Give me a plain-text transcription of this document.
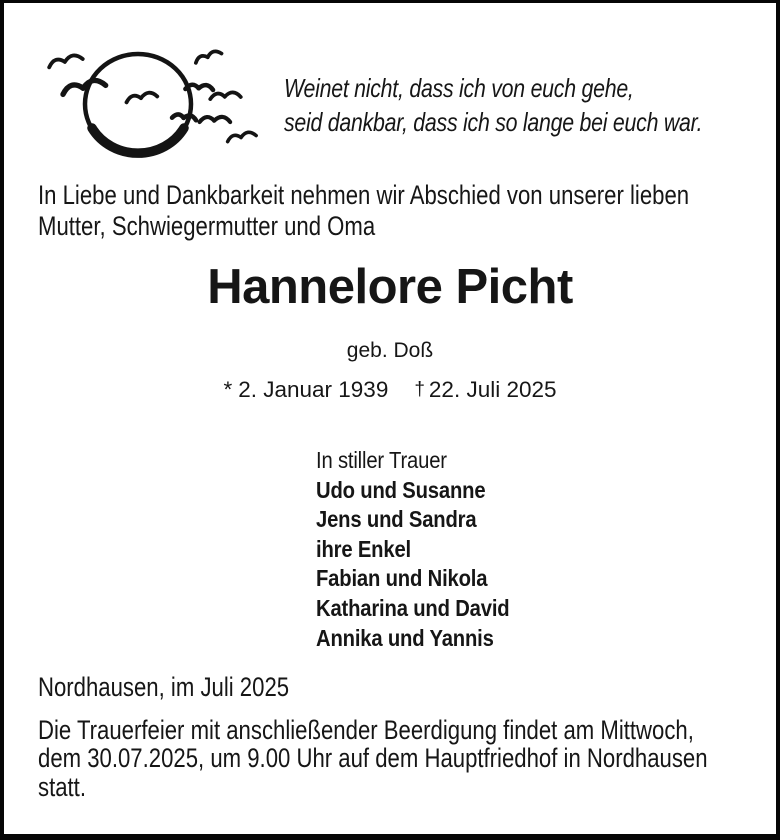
Weinet nicht, dass ich von euch gehe,
seid dankbar, dass ich so lange bei euch war.
In Liebe und Dankbarkeit nehmen wir Abschied von unserer lieben
Mutter, Schwiegermutter und Oma
Hannelore Picht
geb. Doß
* 2. Januar 1939 † 22. Juli 2025
In stiller Trauer
Udo und Susanne
Jens und Sandra
ihre Enkel
Fabian und Nikola
Katharina und David
Annika und Yannis
Nordhausen, im Juli 2025
Die Trauerfeier mit anschließender Beerdigung findet am Mittwoch,
dem 30.07.2025, um 9.00 Uhr auf dem Hauptfriedhof in Nordhausen
statt.
